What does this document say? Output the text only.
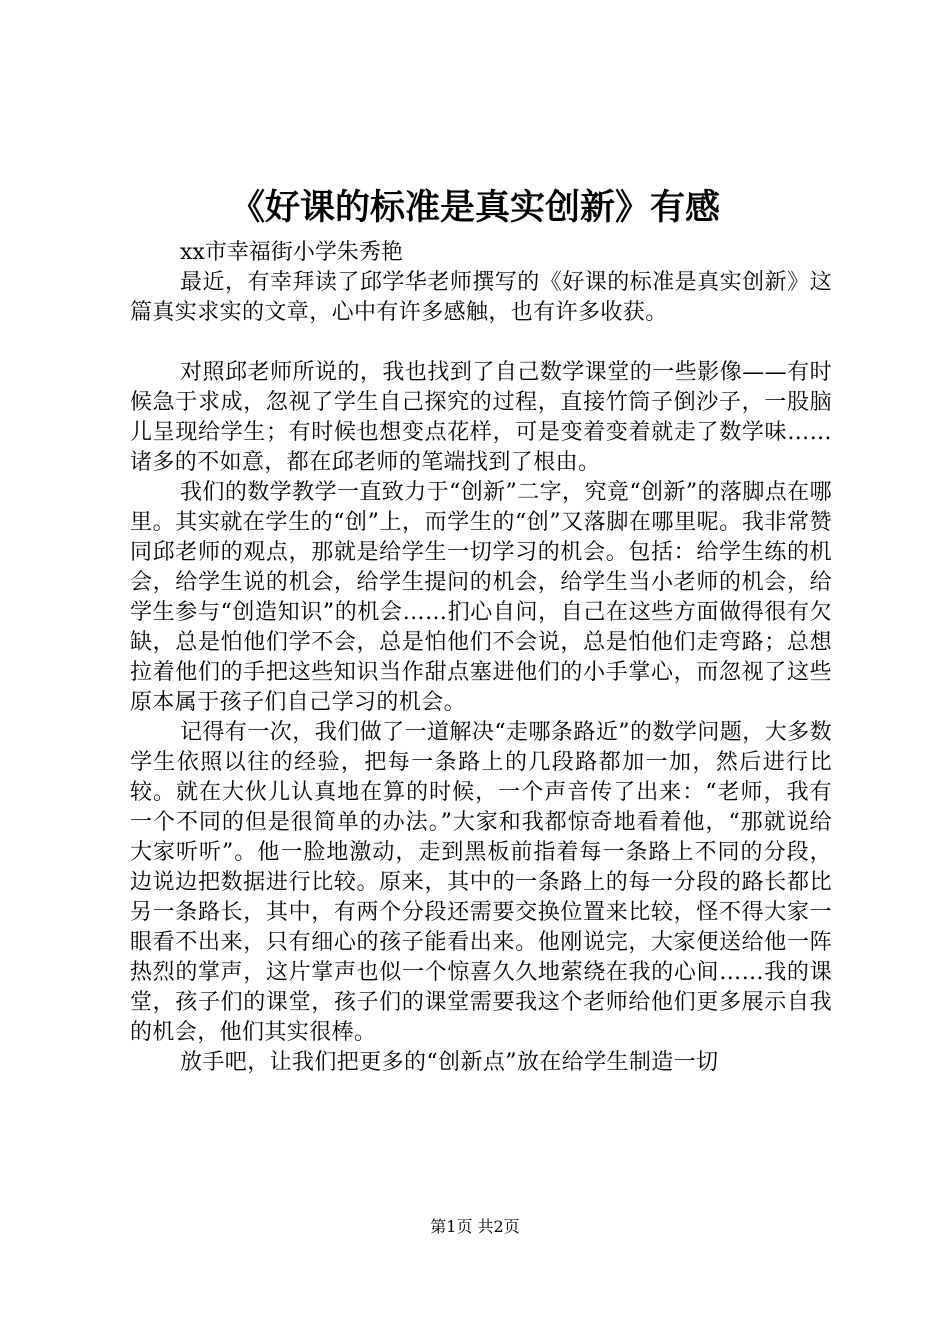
《好课的标准是真实创新》有感

xx市幸福街小学朱秀艳

最近，有幸拜读了邱学华老师撰写的《好课的标准是真实创新》这篇真实求实的文章，心中有许多感触，也有许多收获。

对照邱老师所说的，我也找到了自己数学课堂的一些影像——有时候急于求成，忽视了学生自己探究的过程，直接竹筒子倒沙子，一股脑儿呈现给学生；有时候也想变点花样，可是变着变着就走了数学味……诸多的不如意，都在邱老师的笔端找到了根由。

我们的数学教学一直致力于“创新”二字，究竟“创新”的落脚点在哪里。其实就在学生的“创”上，而学生的“创”又落脚在哪里呢。我非常赞同邱老师的观点，那就是给学生一切学习的机会。包括：给学生练的机会，给学生说的机会，给学生提问的机会，给学生当小老师的机会，给学生参与“创造知识”的机会……扪心自问，自己在这些方面做得很有欠缺，总是怕他们学不会，总是怕他们不会说，总是怕他们走弯路；总想拉着他们的手把这些知识当作甜点塞进他们的小手掌心，而忽视了这些原本属于孩子们自己学习的机会。

记得有一次，我们做了一道解决“走哪条路近”的数学问题，大多数学生依照以往的经验，把每一条路上的几段路都加一加，然后进行比较。就在大伙儿认真地在算的时候，一个声音传了出来：“老师，我有一个不同的但是很简单的办法。”大家和我都惊奇地看着他，“那就说给大家听听”。他一脸地激动，走到黑板前指着每一条路上不同的分段，边说边把数据进行比较。原来，其中的一条路上的每一分段的路长都比另一条路长，其中，有两个分段还需要交换位置来比较，怪不得大家一眼看不出来，只有细心的孩子能看出来。他刚说完，大家便送给他一阵热烈的掌声，这片掌声也似一个惊喜久久地萦绕在我的心间……我的课堂，孩子们的课堂，孩子们的课堂需要我这个老师给他们更多展示自我的机会，他们其实很棒。

放手吧，让我们把更多的“创新点”放在给学生制造一切

第1页 共2页
